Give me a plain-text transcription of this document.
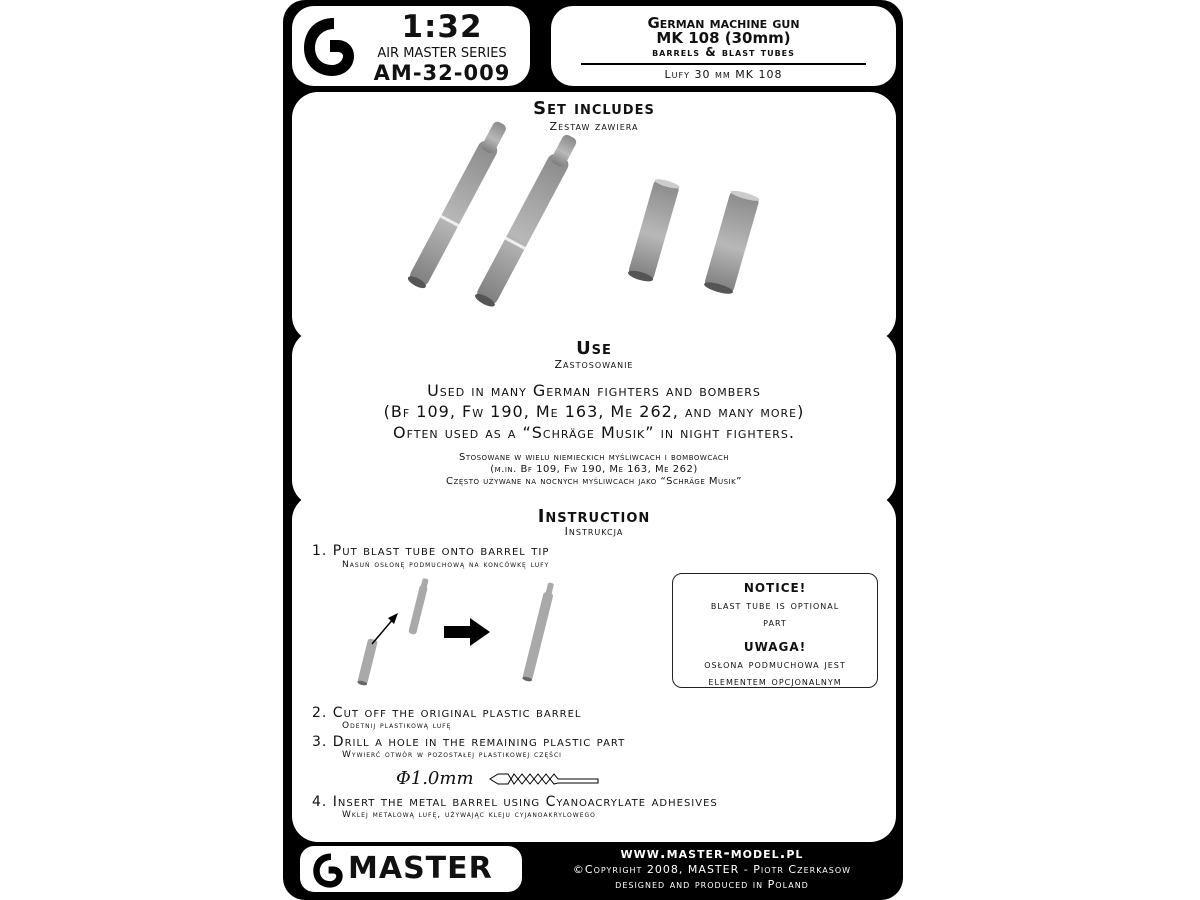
1:32
AIR MASTER SERIES
AM-32-009
German machine gun
MK 108 (30mm)
barrels & blast tubes
Lufy 30 mm MK 108
Set includes
Zestaw zawiera
Use
Zastosowanie
Used in many German fighters and bombers
(Bf 109, Fw 190, Me 163, Me 262, and many more)
Often used as a “Schräge Musik” in night fighters.
Stosowane w wielu niemieckich myśliwcach i bombowcach
(m.in. Bf 109, Fw 190, Me 163, Me 262)
Często używane na nocnych myśliwcach jako “Schräge Musik”
Instruction
Instrukcja
1. Put blast tube onto barrel tip
Nasuń osłonę podmuchową na koncówkę lufy
2. Cut off the original plastic barrel
Odetnij plastikową lufę
3. Drill a hole in the remaining plastic part
Wywierć otwór w pozostałej plastikowej części
Φ1.0mm
4. Insert the metal barrel using Cyanoacrylate adhesives
Wklej metalową lufę, używając kleju cyjanoakrylowego
NOTICE!
blast tube is optional
part
UWAGA!
osłona podmuchowa jest
elementem opcjonalnym
MASTER	www.master-model.pl
©Copyright 2008, MASTER - Piotr Czerkasow
designed and produced in Poland
